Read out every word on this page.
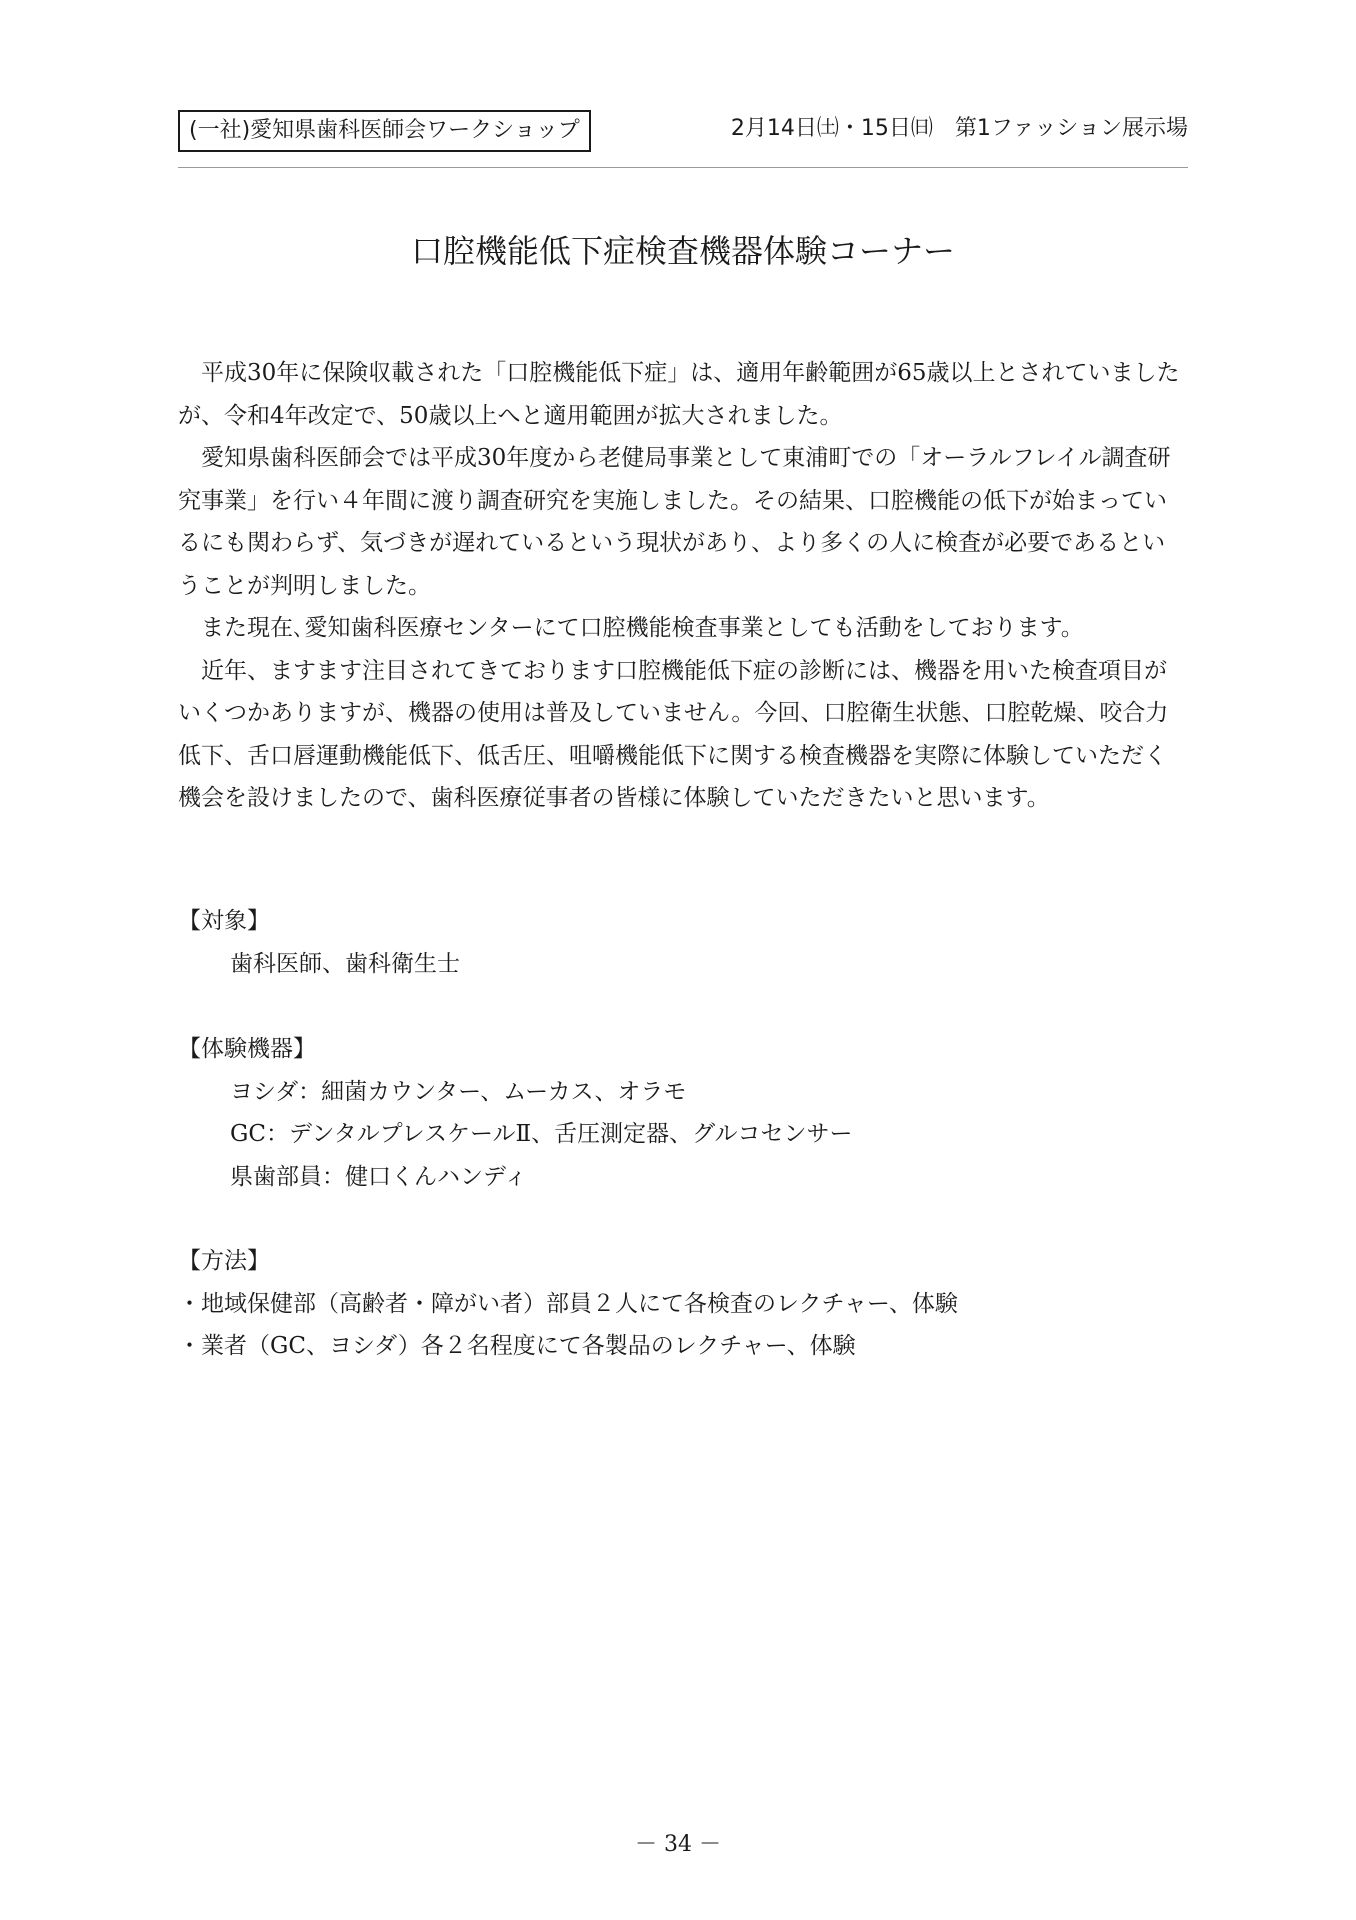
(一社)愛知県歯科医師会ワークショップ	2月14日㈯・15日㈰　第1ファッション展示場
口腔機能低下症検査機器体験コーナー

平成30年に保険収載された「口腔機能低下症」は、適用年齢範囲が65歳以上とされていましたが、令和4年改定で、50歳以上へと適用範囲が拡大されました。

愛知県歯科医師会では平成30年度から老健局事業として東浦町での「オーラルフレイル調査研究事業」を行い４年間に渡り調査研究を実施しました。その結果、口腔機能の低下が始まっているにも関わらず、気づきが遅れているという現状があり、より多くの人に検査が必要であるということが判明しました。

また現在､愛知歯科医療センターにて口腔機能検査事業としても活動をしております。

近年、ますます注目されてきております口腔機能低下症の診断には、機器を用いた検査項目がいくつかありますが、機器の使用は普及していません。今回、口腔衛生状態、口腔乾燥、咬合力低下、舌口唇運動機能低下、低舌圧、咀嚼機能低下に関する検査機器を実際に体験していただく機会を設けましたので、歯科医療従事者の皆様に体験していただきたいと思います。

【対象】

歯科医師、歯科衛生士

【体験機器】

ヨシダ：細菌カウンター、ムーカス、オラモ

GC：デンタルプレスケールⅡ、舌圧測定器、グルコセンサー

県歯部員：健口くんハンディ

【方法】

・地域保健部（高齢者・障がい者）部員２人にて各検査のレクチャー、体験

・業者（GC、ヨシダ）各２名程度にて各製品のレクチャー、体験

－ 34 －
